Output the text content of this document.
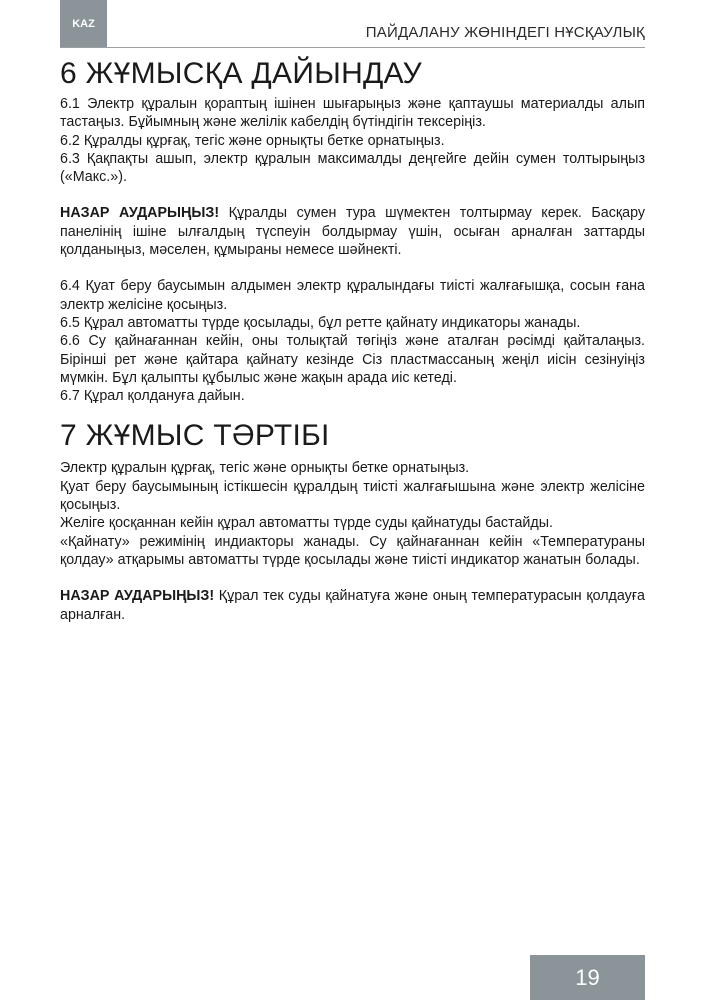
KAZ	ПАЙДАЛАНУ ЖӨНІНДЕГІ НҰСҚАУЛЫҚ
6 ЖҰМЫСҚА ДАЙЫНДАУ

6.1 Электр құралын қораптың ішінен шығарыңыз және қаптаушы материалды алып тастаңыз. Бұйымның және желілік кабелдің бүтіндігін тексеріңіз.

6.2 Құралды құрғақ, тегіс және орнықты бетке орнатыңыз.

6.3 Қақпақты ашып, электр құралын максималды деңгейге дейін сумен толтырыңыз («Макс.»).

НАЗАР АУДАРЫҢЫЗ! Құралды сумен тура шүмектен толтырмау керек. Басқару панелінің ішіне ылғалдың түспеуін болдырмау үшін, осыған арналған заттарды қолданыңыз, мәселен, құмыраны немесе шәйнекті.

6.4 Қуат беру баусымын алдымен электр құралындағы тиісті жалғағышқа, сосын ғана электр желісіне қосыңыз.

6.5 Құрал автоматты түрде қосылады, бұл ретте қайнату индикаторы жанады.

6.6 Су қайнағаннан кейін, оны толықтай төгіңіз және аталған рәсімді қайталаңыз. Бірінші рет және қайтара қайнату кезінде Сіз пластмассаның жеңіл иісін сезінуіңіз мүмкін. Бұл қалыпты құбылыс және жақын арада иіс кетеді.

6.7 Құрал қолдануға дайын.

7 ЖҰМЫС ТӘРТІБІ

Электр құралын құрғақ, тегіс және орнықты бетке орнатыңыз.

Қуат беру баусымының істікшесін құралдың тиісті жалғағышына және электр желісіне қосыңыз.

Желіге қосқаннан кейін құрал автоматты түрде суды қайнатуды бастайды.

«Қайнату» режимінің индиакторы жанады. Су қайнағаннан кейін «Температураны қолдау» атқарымы автоматты түрде қосылады және тиісті индикатор жанатын болады.

НАЗАР АУДАРЫҢЫЗ! Құрал тек суды қайнатуға және оның температурасын қолдауға арналған.

19
